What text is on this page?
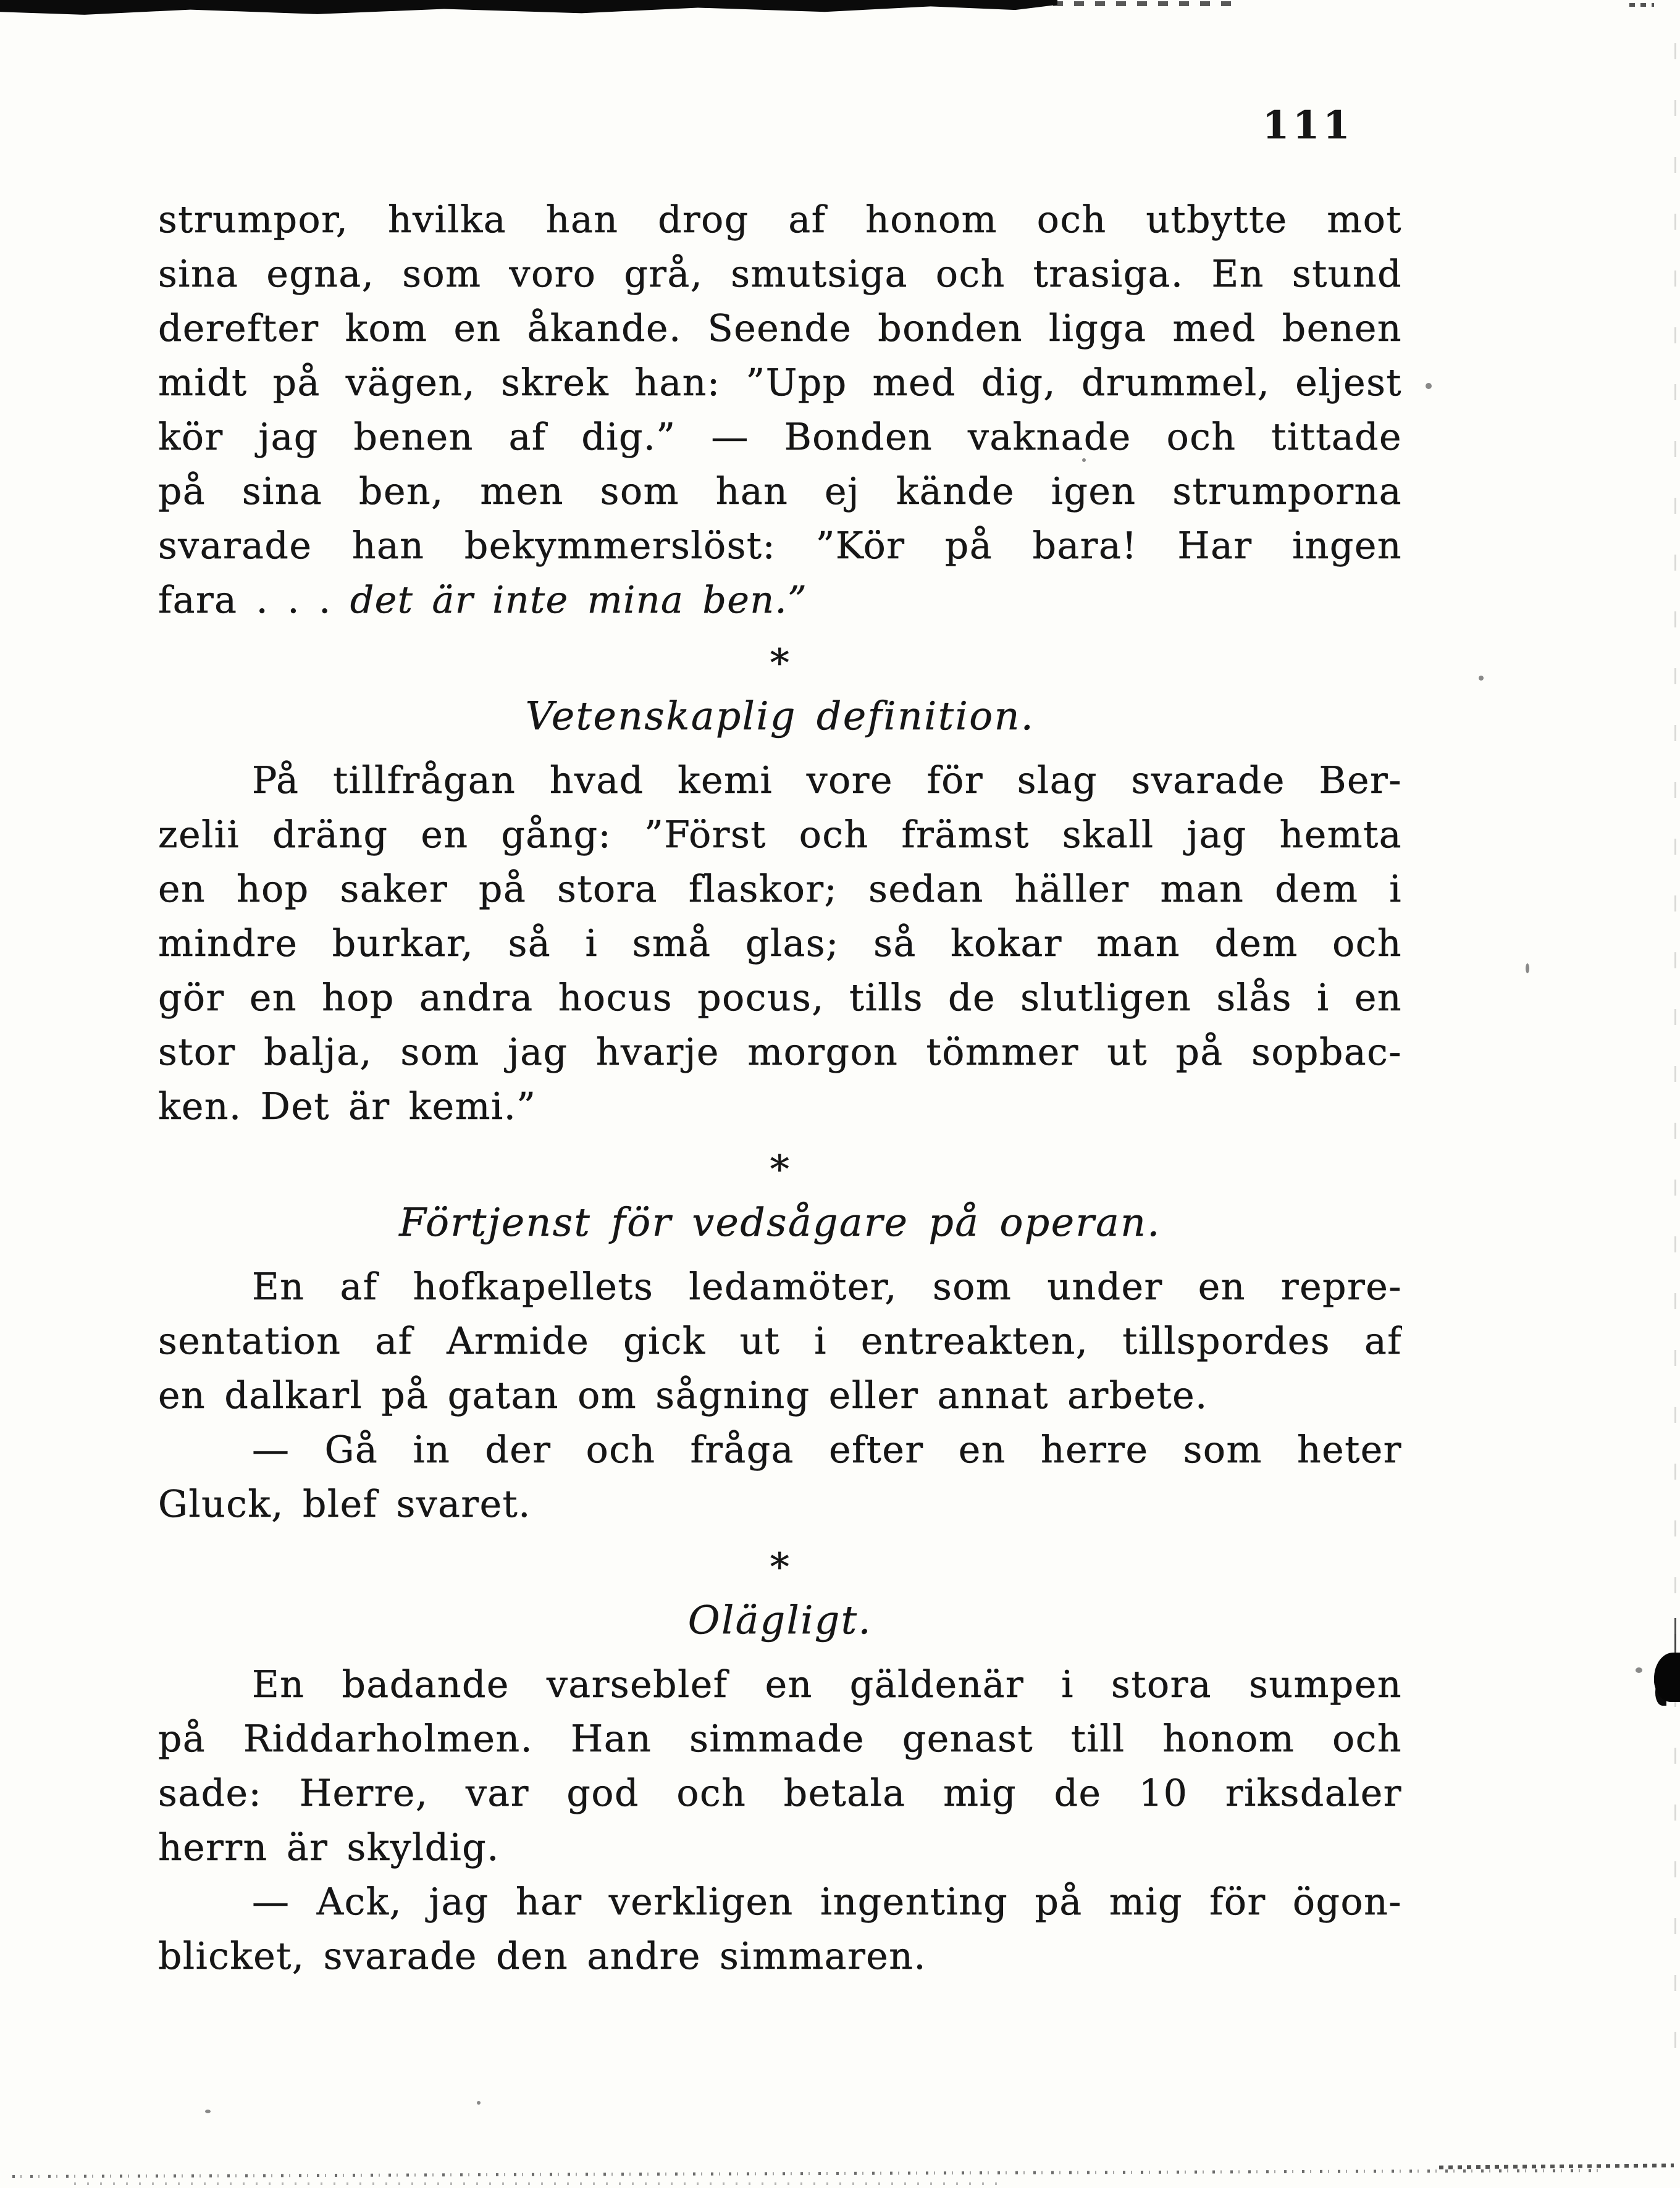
111
strumpor, hvilka han drog af honom och utbytte mot
sina egna, som voro grå, smutsiga och trasiga. En stund
derefter kom en åkande. Seende bonden ligga med benen
midt på vägen, skrek han: ”Upp med dig, drummel, eljest
kör jag benen af dig.” — Bonden vaknade och tittade
på sina ben, men som han ej kände igen strumporna
svarade han bekymmerslöst: ”Kör på bara! Har ingen
fara . . . det är inte mina ben.”
*
Vetenskaplig definition.
På tillfrågan hvad kemi vore för slag svarade Ber-
zelii dräng en gång: ”Först och främst skall jag hemta
en hop saker på stora flaskor; sedan häller man dem i
mindre burkar, så i små glas; så kokar man dem och
gör en hop andra hocus pocus, tills de slutligen slås i en
stor balja, som jag hvarje morgon tömmer ut på sopbac-
ken. Det är kemi.”
*
Förtjenst för vedsågare på operan.
En af hofkapellets ledamöter, som under en repre-
sentation af Armide gick ut i entreakten, tillspordes af
en dalkarl på gatan om sågning eller annat arbete.
— Gå in der och fråga efter en herre som heter
Gluck, blef svaret.
*
Olägligt.
En badande varseblef en gäldenär i stora sumpen
på Riddarholmen. Han simmade genast till honom och
sade: Herre, var god och betala mig de 10 riksdaler
herrn är skyldig.
— Ack, jag har verkligen ingenting på mig för ögon-
blicket, svarade den andre simmaren.
